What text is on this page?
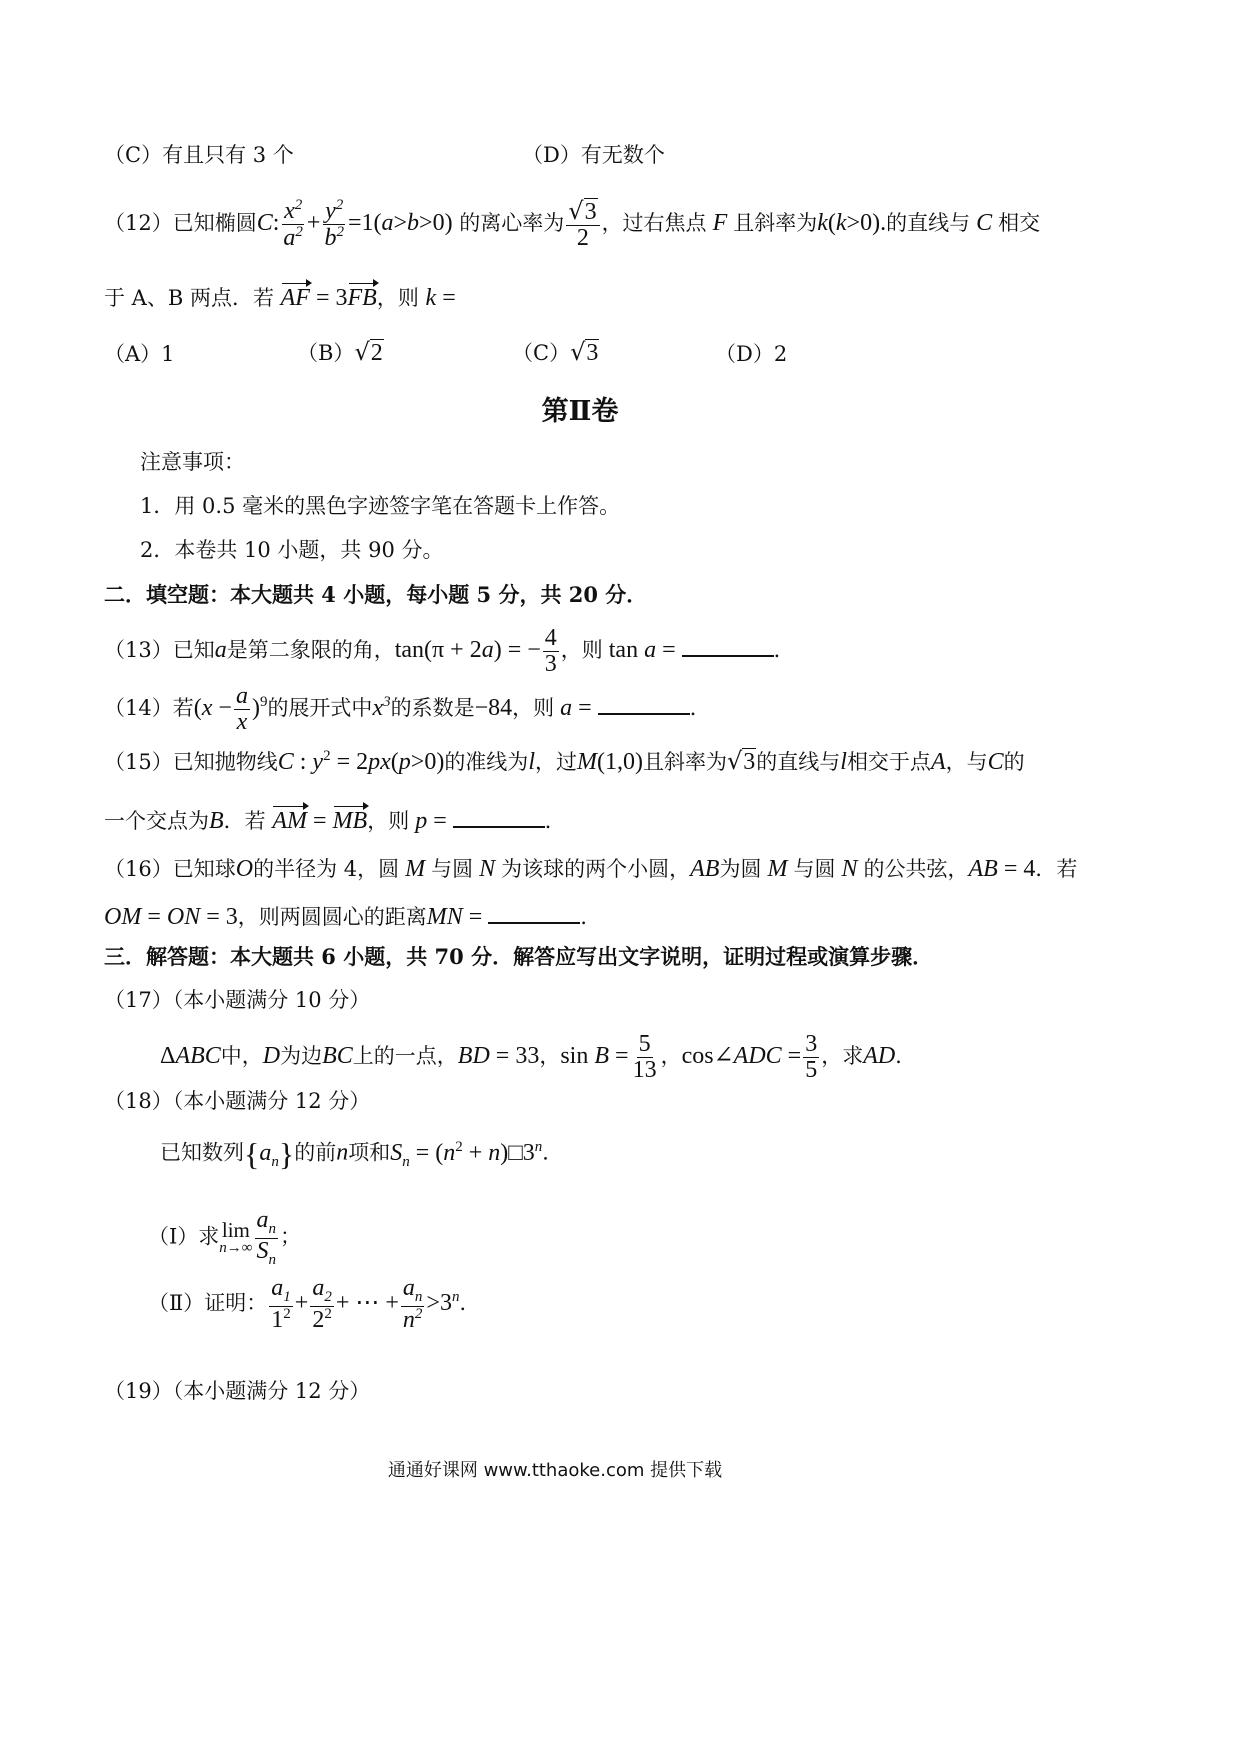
（C）有且只有 3 个	（D）有无数个
（12）已知椭圆C: $\frac{x^2}{a^2} + \frac{y^2}{b^2} =1(a>b>0)$ 的离心率为 $\frac{√3}{2}$ ，过右焦点 F 且斜率为k(k>0).的直线与 C 相交
于 A、B 两点．若 AF = 3FB，则 k =
（A）1	（B）√2	（C）√3	（D）2
第Ⅱ卷
注意事项：
1．用 0.5 毫米的黑色字迹签字笔在答题卡上作答。
2．本卷共 10 小题，共 90 分。
二．填空题：本大题共 4 小题，每小题 5 分，共 20 分．
（13）已知a是第二象限的角，tan(π + 2a) = − $\frac{4}{3}$ ，则 tan a =	．
（14）若$(x - \frac{a}{x} )^9$的展开式中$x^3$的系数是−84，则 a =	．
（15）已知抛物线C : $y^2 = 2px(p>0)$的准线为l，过M(1,0)且斜率为√3的直线与l相交于点A，与C的
一个交点为B．若 AM = MB，则 p =	．
（16）已知球O的半径为 4，圆 M 与圆 N 为该球的两个小圆，AB为圆 M 与圆 N 的公共弦，AB = 4．若
OM = ON = 3，则两圆圆心的距离MN =	．
三．解答题：本大题共 6 小题，共 70 分．解答应写出文字说明，证明过程或演算步骤．
（17）（本小题满分 10 分）
ΔABC中，D为边BC上的一点，BD = 33，$\sin B = \frac{5}{13}$ ，cos∠ADC = $\frac{3}{5}$ ，求AD．
（18）（本小题满分 12 分）
已知数列$\{a_n\}$的前n项和$S_n = (n^2$ + $n)□3^n$．
（Ⅰ）求 lim
$n\to\infty \frac{a_n}{S_n}$ ；
（Ⅱ）证明： $\frac{a_1}{1^2} + \frac{a_2}{2^2}$ + ⋯ + $\frac{a_n}{n^2} >3^n$．
（19）（本小题满分 12 分）
通通好课网 www.tthaoke.com 提供下载
